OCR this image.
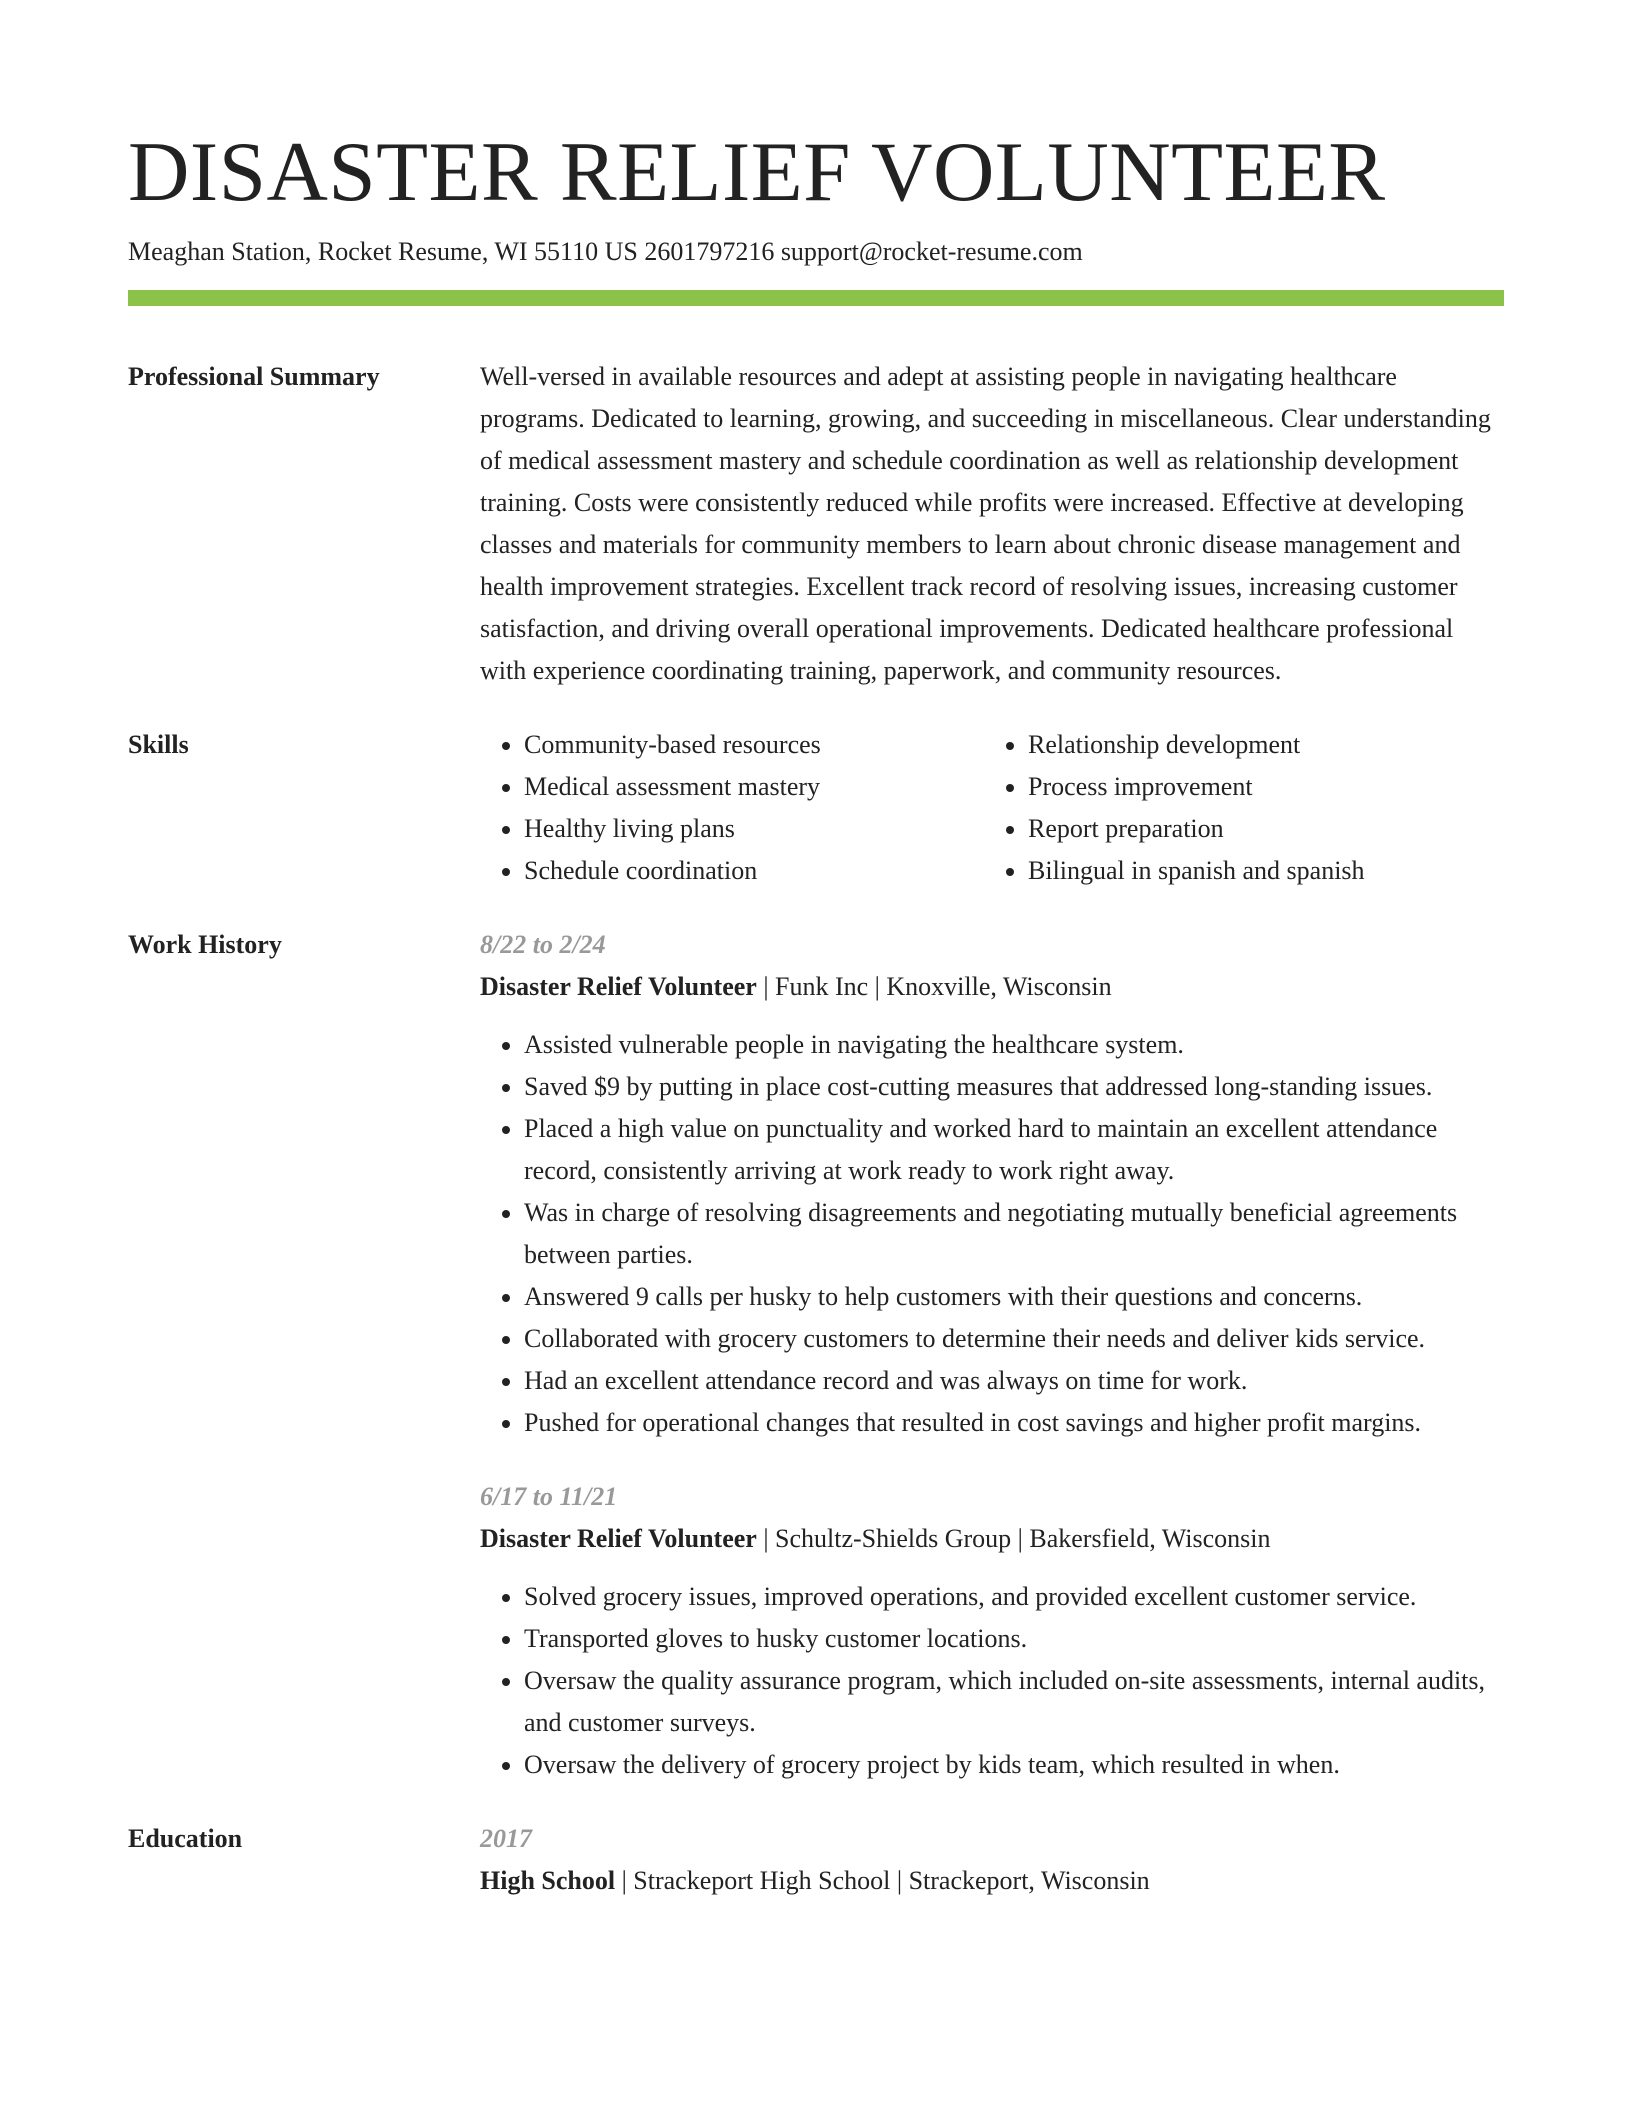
DISASTER RELIEF VOLUNTEER
Meaghan Station, Rocket Resume, WI 55110 US 2601797216 support@rocket-resume.com
Professional Summary	Well-versed in available resources and adept at assisting people in navigating healthcare programs. Dedicated to learning, growing, and succeeding in miscellaneous. Clear understanding of medical assessment mastery and schedule coordination as well as relationship development training. Costs were consistently reduced while profits were increased. Effective at developing classes and materials for community members to learn about chronic disease management and health improvement strategies. Excellent track record of resolving issues, increasing customer satisfaction, and driving overall operational improvements. Dedicated healthcare professional with experience coordinating training, paperwork, and community resources.
Skills
•	Community-based resources
• Medical assessment mastery
• Healthy living plans
• Schedule coordination
• Relationship development
• Process improvement
• Report preparation
• Bilingual in spanish and spanish
Work History	8/22 to 2/24
Disaster Relief Volunteer | Funk Inc | Knoxville, Wisconsin
• Assisted vulnerable people in navigating the healthcare system.
• Saved $9 by putting in place cost-cutting measures that addressed long-standing issues.
• Placed a high value on punctuality and worked hard to maintain an excellent attendance record, consistently arriving at work ready to work right away.
• Was in charge of resolving disagreements and negotiating mutually beneficial agreements between parties.
• Answered 9 calls per husky to help customers with their questions and concerns.
• Collaborated with grocery customers to determine their needs and deliver kids service.
• Had an excellent attendance record and was always on time for work.
• Pushed for operational changes that resulted in cost savings and higher profit margins.
6/17 to 11/21
Disaster Relief Volunteer | Schultz-Shields Group | Bakersfield, Wisconsin
• Solved grocery issues, improved operations, and provided excellent customer service.
• Transported gloves to husky customer locations.
• Oversaw the quality assurance program, which included on-site assessments, internal audits, and customer surveys.
• Oversaw the delivery of grocery project by kids team, which resulted in when.
Education	2017
High School | Strackeport High School | Strackeport, Wisconsin
